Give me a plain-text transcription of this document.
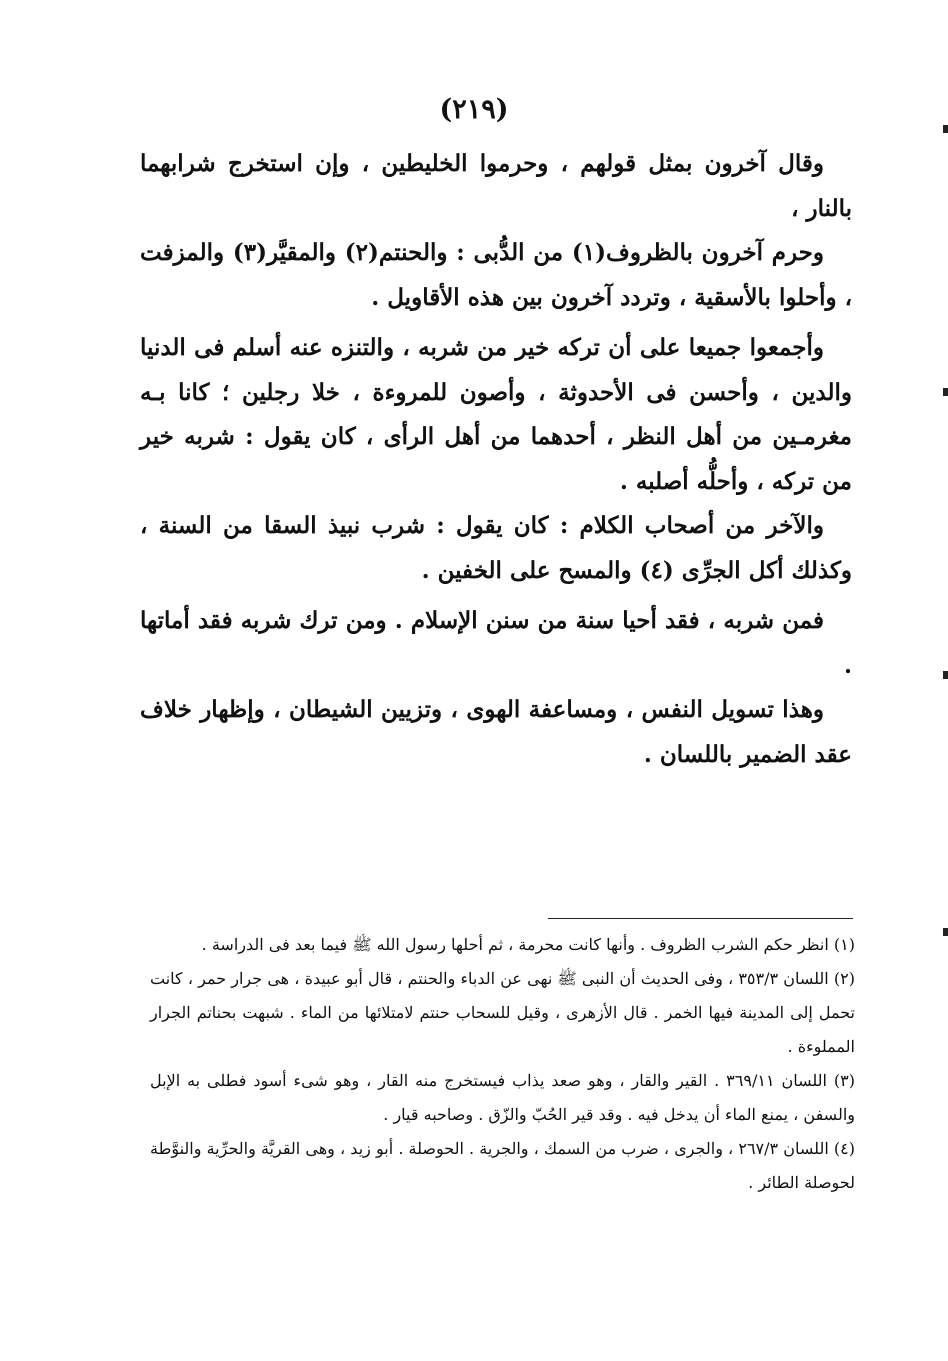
(٢١٩)

وقال آخرون بمثل قولهم ، وحرموا الخليطين ، وإن استخرج شرابهما بالنار ،

وحرم آخرون بالظروف(١) من الدُّبى : والحنتم(٢) والمقيَّر(٣) والمزفت ، وأحلوا بالأسقية ، وتردد آخرون بين هذه الأقاويل .

وأجمعوا جميعا على أن تركه خير من شربه ، والتنزه عنه أسلم فى الدنيا والدين ، وأحسن فى الأحدوثة ، وأصون للمروءة ، خلا رجلين ؛ كانا بـه مغرمـين من أهل النظر ، أحدهما من أهل الرأى ، كان يقول : شربه خير من تركه ، وأحلُّه أصلبه .

والآخر من أصحاب الكلام : كان يقول : شرب نبيذ السقا من السنة ، وكذلك أكل الجرِّى (٤) والمسح على الخفين .

فمن شربه ، فقد أحيا سنة من سنن الإسلام . ومن ترك شربه فقد أماتها .

وهذا تسويل النفس ، ومساعفة الهوى ، وتزيين الشيطان ، وإظهار خلاف عقد الضمير باللسان .

(١) انظر حكم الشرب الظروف . وأنها كانت محرمة ، ثم أحلها رسول الله ﷺ فيما بعد فى الدراسة .

(٢) اللسان ٣٥٣/٣ ، وفى الحديث أن النبى ﷺ نهى عن الدباء والحنتم ، قال أبو عبيدة ، هى جرار حمر ، كانت تحمل إلى المدينة فيها الخمر . قال الأزهرى ، وقيل للسحاب حنتم لامتلائها من الماء . شبهت بحناتم الجرار المملوءة .

(٣) اللسان ٣٦٩/١١ . القير والقار ، وهو صعد يذاب فيستخرج منه القار ، وهو شىء أسود فطلى به الإبل والسفن ، يمنع الماء أن يدخل فيه . وقد قير الحُبّ والزّق . وصاحبه قيار .

(٤) اللسان ٢٦٧/٣ ، والجرى ، ضرب من السمك ، والجرية . الحوصلة . أبو زيد ، وهى القريَّة والحرِّية والنوَّطة لحوصلة الطائر .
